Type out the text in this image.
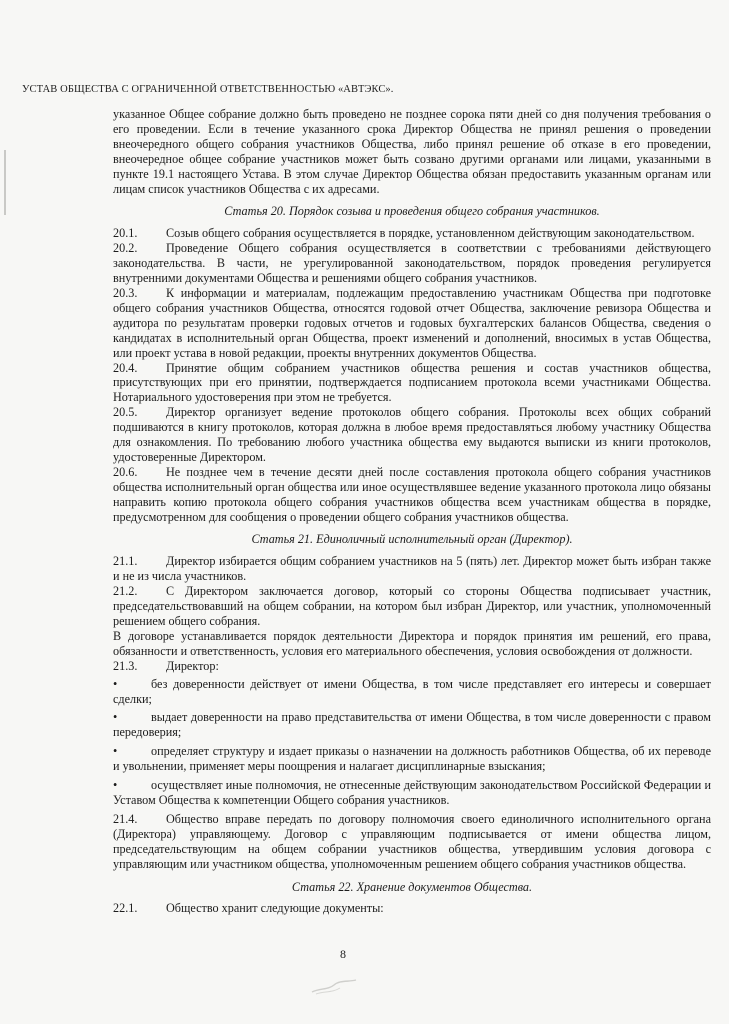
УСТАВ ОБЩЕСТВА С ОГРАНИЧЕННОЙ ОТВЕТСТВЕННОСТЬЮ «АВТЭКС».

указанное Общее собрание должно быть проведено не позднее сорока пяти дней со дня получения требования о его проведении. Если в течение указанного срока Директор Общества не принял решения о проведении внеочередного общего собрания участников Общества, либо принял решение об отказе в его проведении, внеочередное общее собрание участников может быть созвано другими органами или лицами, указанными в пункте 19.1 настоящего Устава. В этом случае Директор Общества обязан предоставить указанным органам или лицам список участников Общества с их адресами.

Статья 20. Порядок созыва и проведения общего собрания участников.

20.1. Созыв общего собрания осуществляется в порядке, установленном действующим законодательством.

20.2. Проведение Общего собрания осуществляется в соответствии с требованиями действующего законодательства. В части, не урегулированной законодательством, порядок проведения регулируется внутренними документами Общества и решениями общего собрания участников.

20.3. К информации и материалам, подлежащим предоставлению участникам Общества при подготовке общего собрания участников Общества, относятся годовой отчет Общества, заключение ревизора Общества и аудитора по результатам проверки годовых отчетов и годовых бухгалтерских балансов Общества, сведения о кандидатах в исполнительный орган Общества, проект изменений и дополнений, вносимых в устав Общества, или проект устава в новой редакции, проекты внутренних документов Общества.

20.4. Принятие общим собранием участников общества решения и состав участников общества, присутствующих при его принятии, подтверждается подписанием протокола всеми участниками Общества. Нотариального удостоверения при этом не требуется.

20.5. Директор организует ведение протоколов общего собрания. Протоколы всех общих собраний подшиваются в книгу протоколов, которая должна в любое время предоставляться любому участнику Общества для ознакомления. По требованию любого участника общества ему выдаются выписки из книги протоколов, удостоверенные Директором.

20.6. Не позднее чем в течение десяти дней после составления протокола общего собрания участников общества исполнительный орган общества или иное осуществлявшее ведение указанного протокола лицо обязаны направить копию протокола общего собрания участников общества всем участникам общества в порядке, предусмотренном для сообщения о проведении общего собрания участников общества.

Статья 21. Единоличный исполнительный орган (Директор).

21.1. Директор избирается общим собранием участников на 5 (пять) лет. Директор может быть избран также и не из числа участников.

21.2. С Директором заключается договор, который со стороны Общества подписывает участник, председательствовавший на общем собрании, на котором был избран Директор, или участник, уполномоченный решением общего собрания.

В договоре устанавливается порядок деятельности Директора и порядок принятия им решений, его права, обязанности и ответственность, условия его материального обеспечения, условия освобождения от должности.

21.3. Директор:

•	без доверенности действует от имени Общества, в том числе представляет его интересы и совершает сделки;

•	выдает доверенности на право представительства от имени Общества, в том числе доверенности с правом передоверия;

•	определяет структуру и издает приказы о назначении на должность работников Общества, об их переводе и увольнении, применяет меры поощрения и налагает дисциплинарные взыскания;

•	осуществляет иные полномочия, не отнесенные действующим законодательством Российской Федерации и Уставом Общества к компетенции Общего собрания участников.

21.4. Общество вправе передать по договору полномочия своего единоличного исполнительного органа (Директора) управляющему. Договор с управляющим подписывается от имени общества лицом, председательствующим на общем собрании участников общества, утвердившим условия договора с управляющим или участником общества, уполномоченным решением общего собрания участников общества.

Статья 22. Хранение документов Общества.

22.1. Общество хранит следующие документы:

8
